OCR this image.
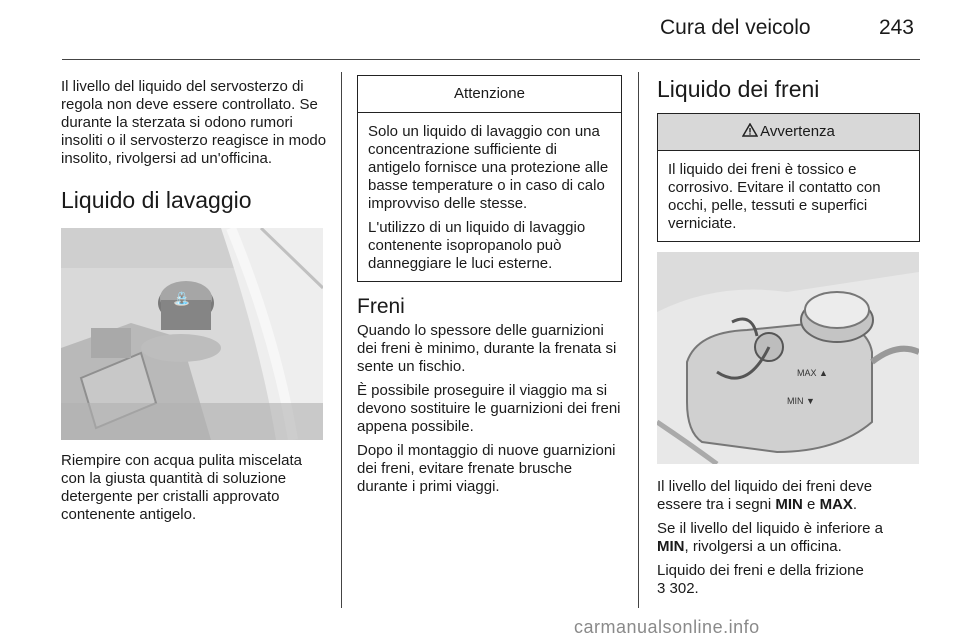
Cura del veicolo	243

Il livello del liquido del servosterzo di regola non deve essere controllato. Se durante la sterzata si odono rumori insoliti o il servosterzo reagisce in modo insolito, rivolgersi ad un'officina.

Liquido di lavaggio
⛲

Riempire con acqua pulita miscelata con la giusta quantità di soluzione detergente per cristalli approvato contenente antigelo.

Attenzione

Solo un liquido di lavaggio con una concentrazione sufficiente di antigelo fornisce una protezione alle basse temperature o in caso di calo improvviso delle stesse.

L'utilizzo di un liquido di lavaggio contenente isopropanolo può danneggiare le luci esterne.

Freni

Quando lo spessore delle guarnizioni dei freni è minimo, durante la frenata si sente un fischio.

È possibile proseguire il viaggio ma si devono sostituire le guarnizioni dei freni appena possibile.

Dopo il montaggio di nuove guarnizioni dei freni, evitare frenate brusche durante i primi viaggi.

Liquido dei freni
Avvertenza

Il liquido dei freni è tossico e corrosivo. Evitare il contatto con occhi, pelle, tessuti e superfici verniciate.

MAX ▲
MIN ▼

Il livello del liquido dei freni deve essere tra i segni MIN e MAX.

Se il livello del liquido è inferiore a
MIN, rivolgersi a un officina.

Liquido dei freni e della frizione
3 302.

carmanualsonline.info
